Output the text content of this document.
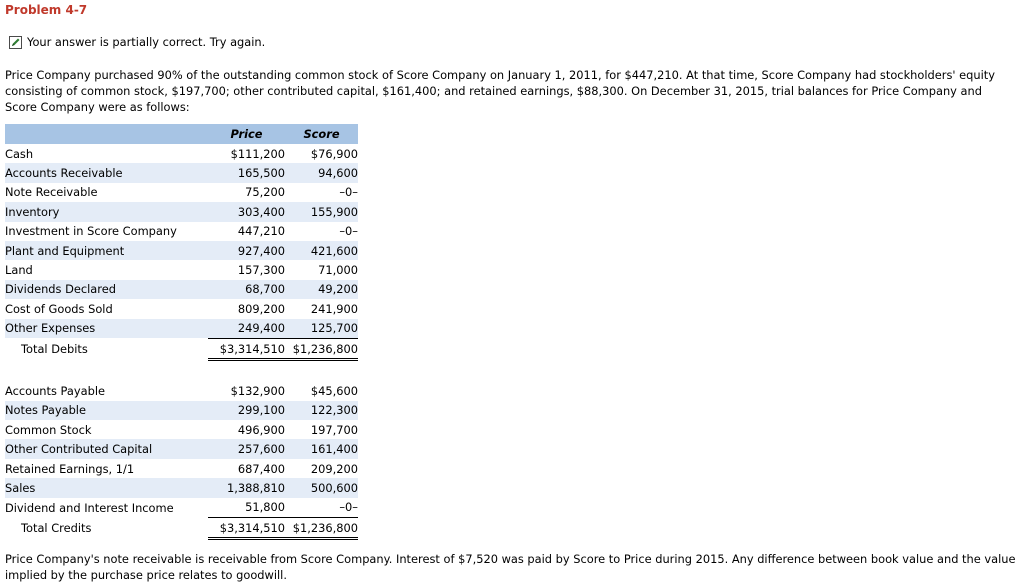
Problem 4-7
Your answer is partially correct. Try again.
Price Company purchased 90% of the outstanding common stock of Score Company on January 1, 2011, for $447,210. At that time, Score Company had stockholders' equity consisting of common stock, $197,700; other contributed capital, $161,400; and retained earnings, $88,300. On December 31, 2015, trial balances for Price Company and Score Company were as follows:
	Price	Score
Cash	$111,200	$76,900
Accounts Receivable	165,500	94,600
Note Receivable	75,200	–0–
Inventory	303,400	155,900
Investment in Score Company	447,210	–0–
Plant and Equipment	927,400	421,600
Land	157,300	71,000
Dividends Declared	68,700	49,200
Cost of Goods Sold	809,200	241,900
Other Expenses	249,400	125,700
Total Debits	$3,314,510	$1,236,800

Accounts Payable	$132,900	$45,600
Notes Payable	299,100	122,300
Common Stock	496,900	197,700
Other Contributed Capital	257,600	161,400
Retained Earnings, 1/1	687,400	209,200
Sales	1,388,810	500,600
Dividend and Interest Income	51,800	–0–
Total Credits	$3,314,510	$1,236,800
Price Company's note receivable is receivable from Score Company. Interest of $7,520 was paid by Score to Price during 2015. Any difference between book value and the value implied by the purchase price relates to goodwill.
